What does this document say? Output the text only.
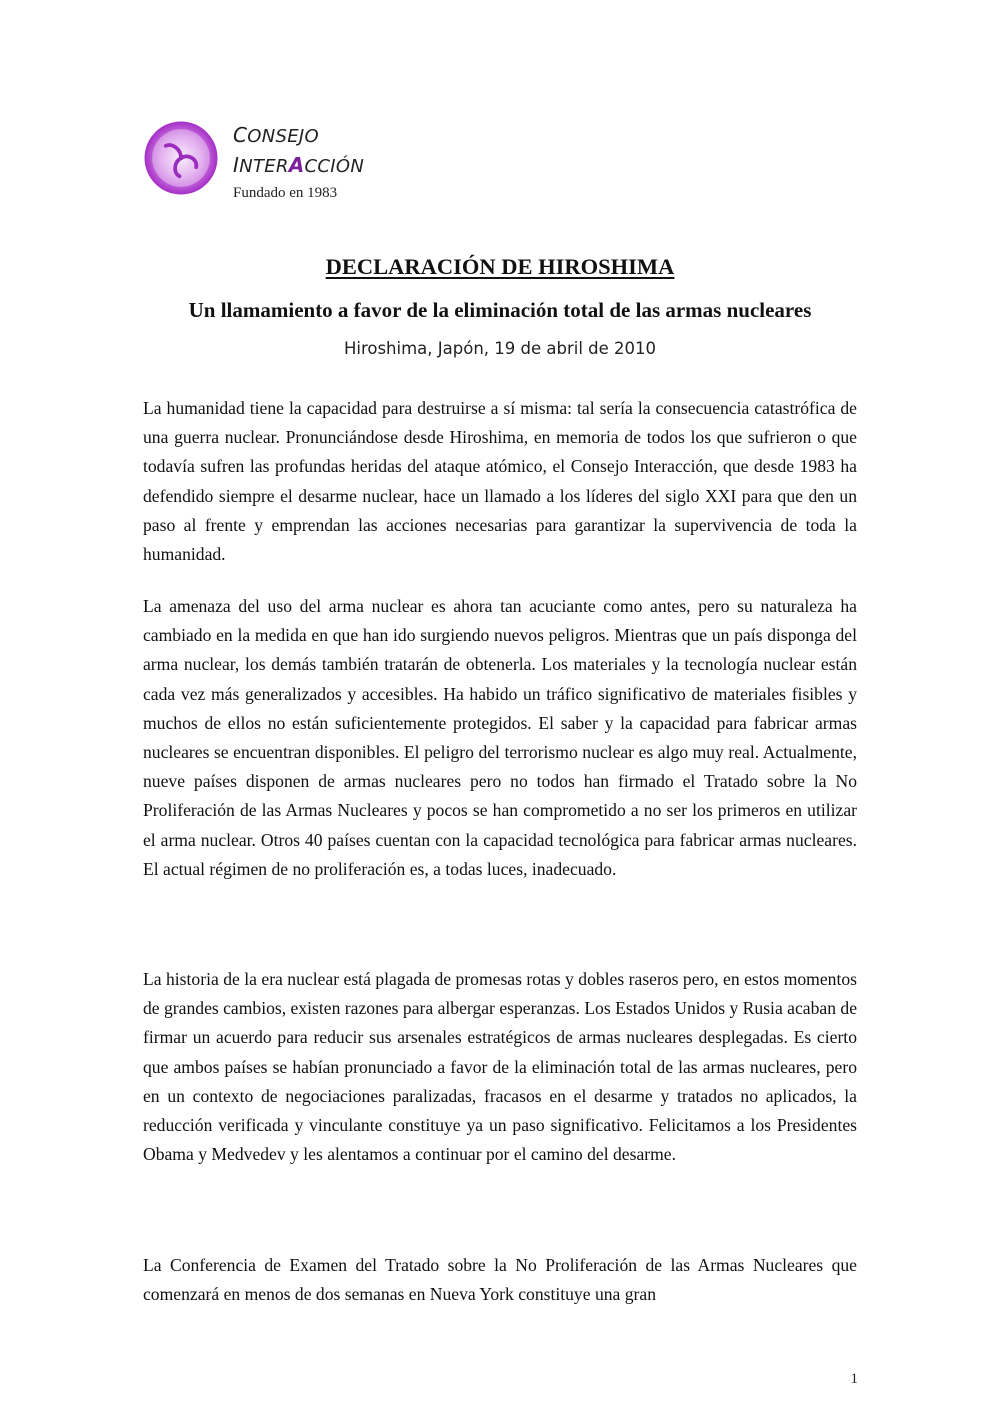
CONSEJO
INTERACCIÓN
Fundado en 1983
DECLARACIÓN DE HIROSHIMA
Un llamamiento a favor de la eliminación total de las armas nucleares

Hiroshima, Japón, 19 de abril de 2010

La humanidad tiene la capacidad para destruirse a sí misma: tal sería la consecuencia catastrófica de una guerra nuclear. Pronunciándose desde Hiroshima, en memoria de todos los que sufrieron o que todavía sufren las profundas heridas del ataque atómico, el Consejo Interacción, que desde 1983 ha defendido siempre el desarme nuclear, hace un llamado a los líderes del siglo XXI para que den un paso al frente y emprendan las acciones necesarias para garantizar la supervivencia de toda la humanidad.

La amenaza del uso del arma nuclear es ahora tan acuciante como antes, pero su naturaleza ha cambiado en la medida en que han ido surgiendo nuevos peligros. Mientras que un país disponga del arma nuclear, los demás también tratarán de obtenerla. Los materiales y la tecnología nuclear están cada vez más generalizados y accesibles. Ha habido un tráfico significativo de materiales fisibles y muchos de ellos no están suficientemente protegidos. El saber y la capacidad para fabricar armas nucleares se encuentran disponibles. El peligro del terrorismo nuclear es algo muy real. Actualmente, nueve países disponen de armas nucleares pero no todos han firmado el Tratado sobre la No Proliferación de las Armas Nucleares y pocos se han comprometido a no ser los primeros en utilizar el arma nuclear. Otros 40 países cuentan con la capacidad tecnológica para fabricar armas nucleares. El actual régimen de no proliferación es, a todas luces, inadecuado.

La historia de la era nuclear está plagada de promesas rotas y dobles raseros pero, en estos momentos de grandes cambios, existen razones para albergar esperanzas. Los Estados Unidos y Rusia acaban de firmar un acuerdo para reducir sus arsenales estratégicos de armas nucleares desplegadas. Es cierto que ambos países se habían pronunciado a favor de la eliminación total de las armas nucleares, pero en un contexto de negociaciones paralizadas, fracasos en el desarme y tratados no aplicados, la reducción verificada y vinculante constituye ya un paso significativo. Felicitamos a los Presidentes Obama y Medvedev y les alentamos a continuar por el camino del desarme.

La Conferencia de Examen del Tratado sobre la No Proliferación de las Armas Nucleares que comenzará en menos de dos semanas en Nueva York constituye una gran

1
